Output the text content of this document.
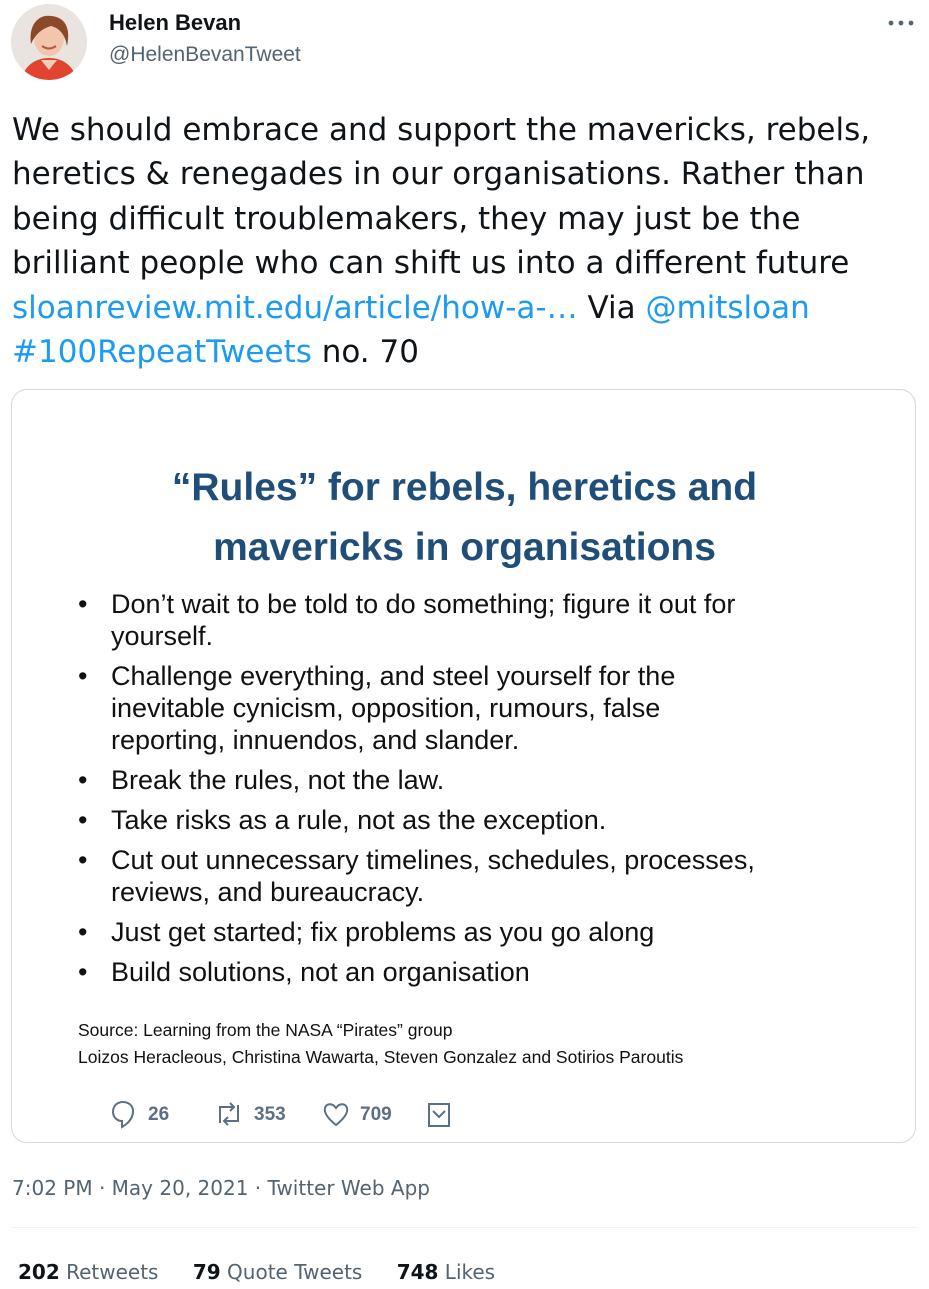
Helen Bevan
@HelenBevanTweet
We should embrace and support the mavericks, rebels,
heretics & renegades in our organisations. Rather than
being difficult troublemakers, they may just be the
brilliant people who can shift us into a different future
sloanreview.mit.edu/article/how-a-… Via @mitsloan
#100RepeatTweets no. 70
“Rules” for rebels, heretics and
mavericks in organisations
• Don’t wait to be told to do something; figure it out for
yourself.
• Challenge everything, and steel yourself for the
inevitable cynicism, opposition, rumours, false
reporting, innuendos, and slander.
• Break the rules, not the law.
• Take risks as a rule, not as the exception.
• Cut out unnecessary timelines, schedules, processes,
reviews, and bureaucracy.
• Just get started; fix problems as you go along
• Build solutions, not an organisation
Source: Learning from the NASA “Pirates” group
Loizos Heracleous, Christina Wawarta, Steven Gonzalez and Sotirios Paroutis
26	353	709
7:02 PM · May 20, 2021 · Twitter Web App
202 Retweets 79 Quote Tweets 748 Likes
